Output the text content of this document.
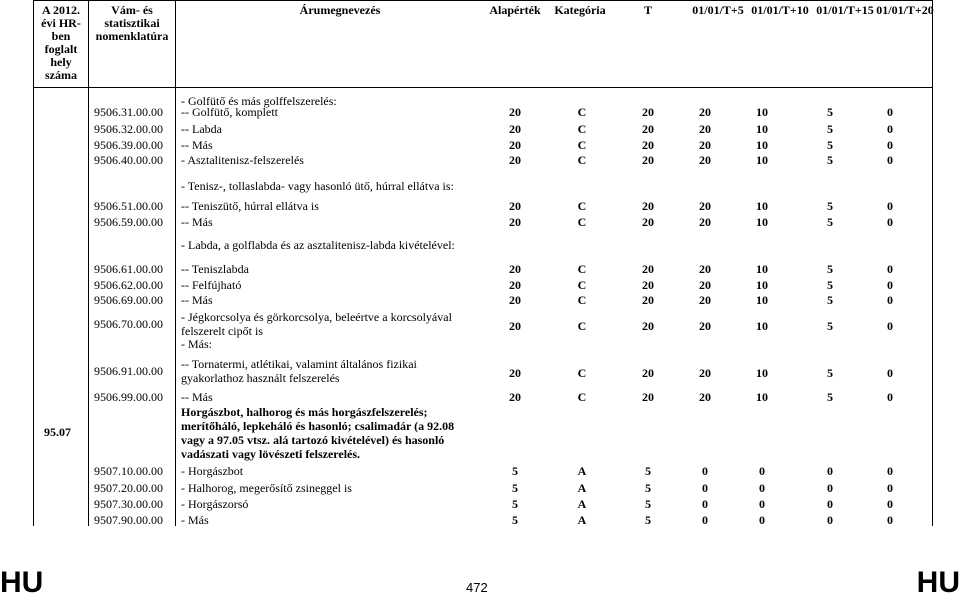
A 2012. évi HR-ben foglalt hely száma
Vám- és statisztikai nomenklatúra
Árumegnevezés	Alapérték	Kategória	T	01/01/T+5 01/01/T+10 01/01/T+15 01/01/T+20
95.07
- Golfütő és más golffelszerelés:
9506.31.00.00 -- Golfütő, komplett	20	C	20	20	10	5	0
9506.32.00.00 -- Labda	20	C	20	20	10	5	0
9506.39.00.00 -- Más	20	C	20	20	10	5	0
9506.40.00.00 - Asztalitenisz-felszerelés	20	C	20	20	10	5	0
- Tenisz-, tollaslabda- vagy hasonló ütő, húrral ellátva is:
9506.51.00.00 -- Teniszütő, húrral ellátva is	20	C	20	20	10	5	0
9506.59.00.00 -- Más	20	C	20	20	10	5	0
- Labda, a golflabda és az asztalitenisz-labda kivételével:
9506.61.00.00 -- Teniszlabda	20	C	20	20	10	5	0
9506.62.00.00 -- Felfújható	20	C	20	20	10	5	0
9506.69.00.00 -- Más	20	C	20	20	10	5	0
9506.70.00.00 - Jégkorcsolya és görkorcsolya, beleértve a korcsolyával felszerelt cipőt is	20	C	20	20	10	5	0
- Más:
9506.91.00.00 -- Tornatermi, atlétikai, valamint általános fizikai gyakorlathoz használt felszerelés	20	C	20	20	10	5	0
9506.99.00.00 -- Más	20	C	20	20	10	5	0
Horgászbot, halhorog és más horgászfelszerelés; merítőháló, lepkeháló és hasonló; csalimadár (a 92.08 vagy a 97.05 vtsz. alá tartozó kivételével) és hasonló vadászati vagy lövészeti felszerelés.
9507.10.00.00 - Horgászbot	5	A	5	0	0	0	0
9507.20.00.00 - Halhorog, megerősítő zsineggel is	5	A	5	0	0	0	0
9507.30.00.00 - Horgászorsó	5	A	5	0	0	0	0
9507.90.00.00 - Más	5	A	5	0	0	0	0
HU	472	HU
